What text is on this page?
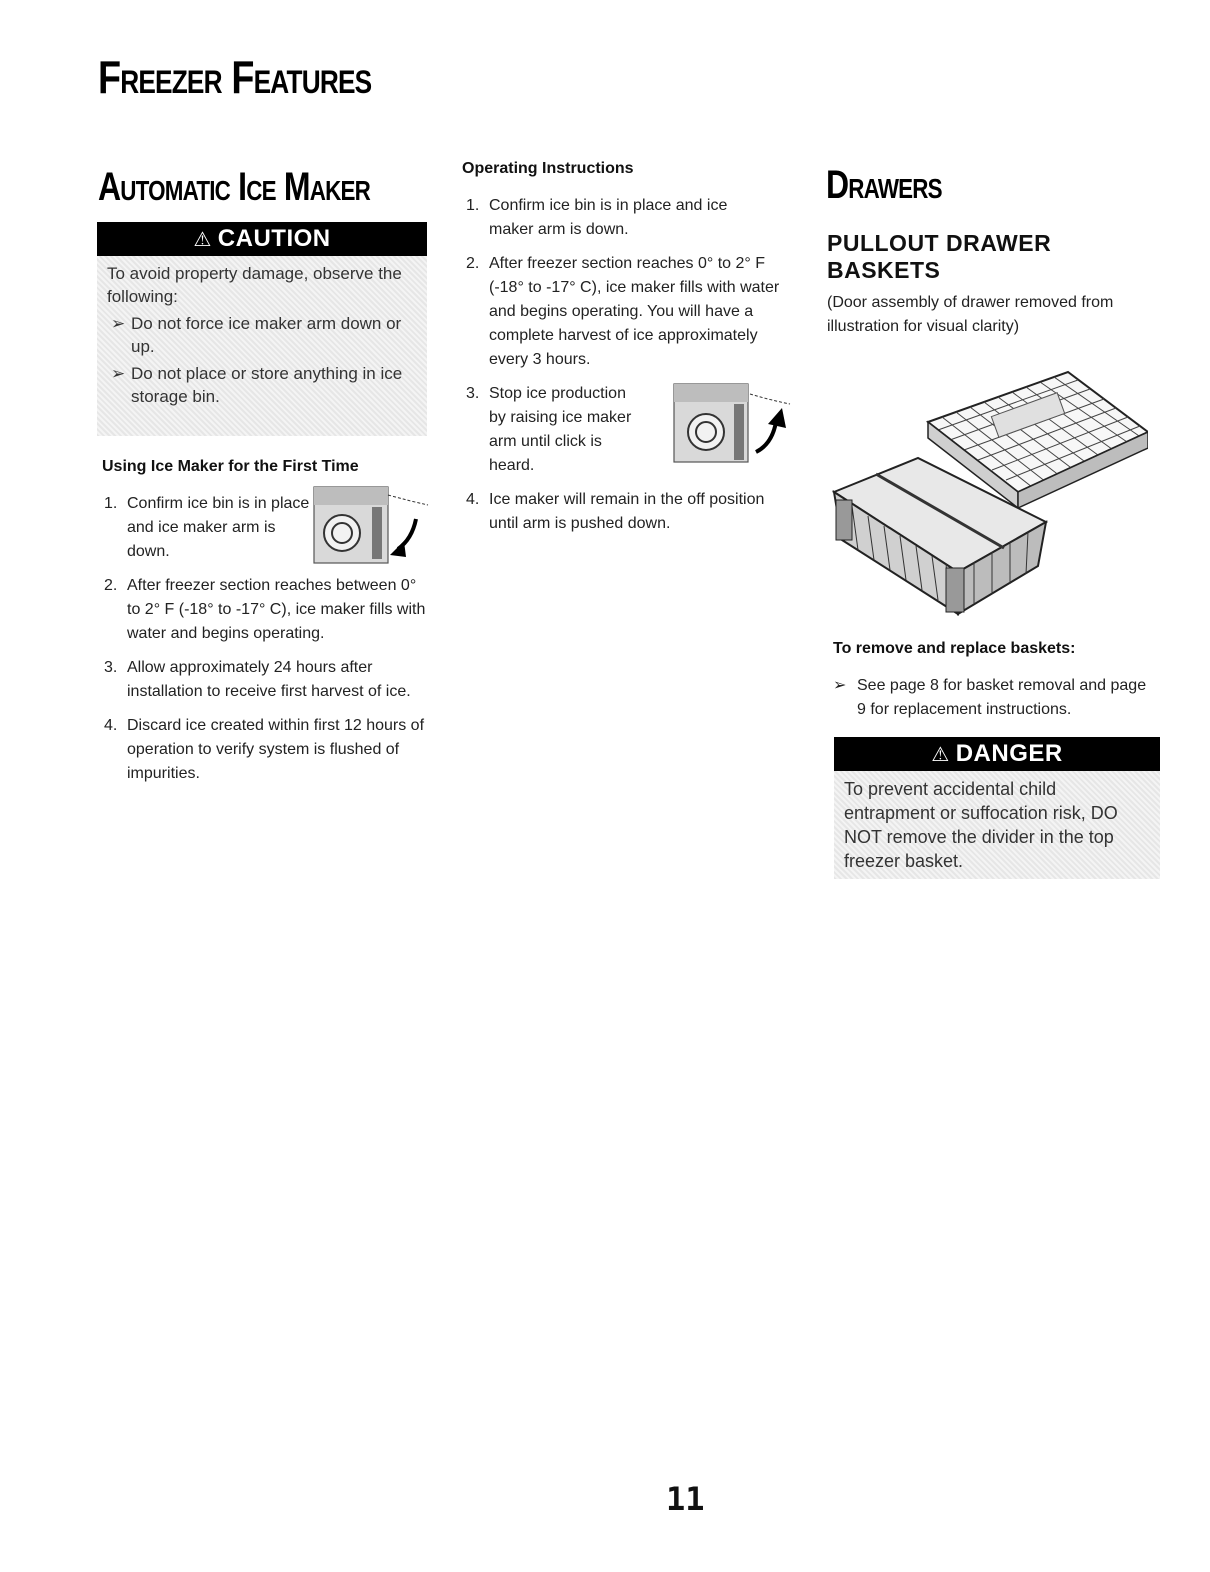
Freezer Features
Automatic Ice Maker
⚠ CAUTION
To avoid property damage, observe the following:
➢ Do not force ice maker arm down or up.
➢ Do not place or store anything in ice storage bin.
Using Ice Maker for the First Time
1. Confirm ice bin is in place and ice maker arm is down.
2. After freezer section reaches between 0° to 2° F (-18° to -17° C), ice maker fills with water and begins operating.
3. Allow approximately 24 hours after installation to receive first harvest of ice.
4. Discard ice created within first 12 hours of operation to verify system is flushed of impurities.
Operating Instructions
1. Confirm ice bin is in place and ice maker arm is down.
2. After freezer section reaches 0° to 2° F (-18° to -17° C), ice maker fills with water and begins operating. You will have a complete harvest of ice approximately every 3 hours.
3. Stop ice production by raising ice maker arm until click is heard.
4. Ice maker will remain in the off position until arm is pushed down.
Drawers
PULLOUT DRAWER BASKETS
(Door assembly of drawer removed from illustration for visual clarity)
To remove and replace baskets:
➢ See page 8 for basket removal and page 9 for replacement instructions.
⚠ DANGER
To prevent accidental child entrapment or suffocation risk, DO NOT remove the divider in the top freezer basket.
11
